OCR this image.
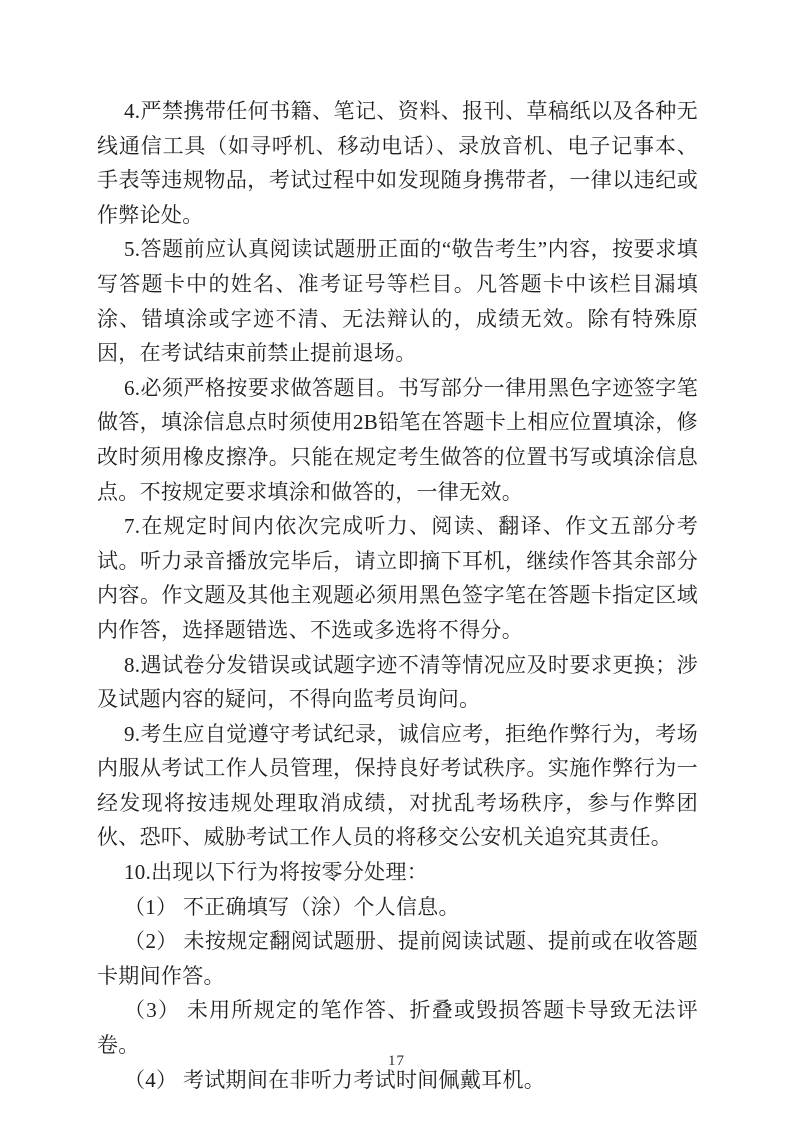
4.严禁携带任何书籍、笔记、资料、报刊、草稿纸以及各种无线通信工具（如寻呼机、移动电话）、录放音机、电子记事本、手表等违规物品，考试过程中如发现随身携带者，一律以违纪或作弊论处。

5.答题前应认真阅读试题册正面的“敬告考生”内容，按要求填写答题卡中的姓名、准考证号等栏目。凡答题卡中该栏目漏填涂、错填涂或字迹不清、无法辩认的，成绩无效。除有特殊原因，在考试结束前禁止提前退场。

6.必须严格按要求做答题目。书写部分一律用黑色字迹签字笔做答，填涂信息点时须使用2B铅笔在答题卡上相应位置填涂，修改时须用橡皮擦净。只能在规定考生做答的位置书写或填涂信息点。不按规定要求填涂和做答的，一律无效。

7.在规定时间内依次完成听力、阅读、翻译、作文五部分考试。听力录音播放完毕后，请立即摘下耳机，继续作答其余部分内容。作文题及其他主观题必须用黑色签字笔在答题卡指定区域内作答，选择题错选、不选或多选将不得分。

8.遇试卷分发错误或试题字迹不清等情况应及时要求更换；涉及试题内容的疑问，不得向监考员询问。

9.考生应自觉遵守考试纪录，诚信应考，拒绝作弊行为，考场内服从考试工作人员管理，保持良好考试秩序。实施作弊行为一经发现将按违规处理取消成绩，对扰乱考场秩序，参与作弊团伙、恐吓、威胁考试工作人员的将移交公安机关追究其责任。

10.出现以下行为将按零分处理：

（1） 不正确填写（涂）个人信息。

（2） 未按规定翻阅试题册、提前阅读试题、提前或在收答题卡期间作答。

（3） 未用所规定的笔作答、折叠或毁损答题卡导致无法评卷。

（4） 考试期间在非听力考试时间佩戴耳机。

17
